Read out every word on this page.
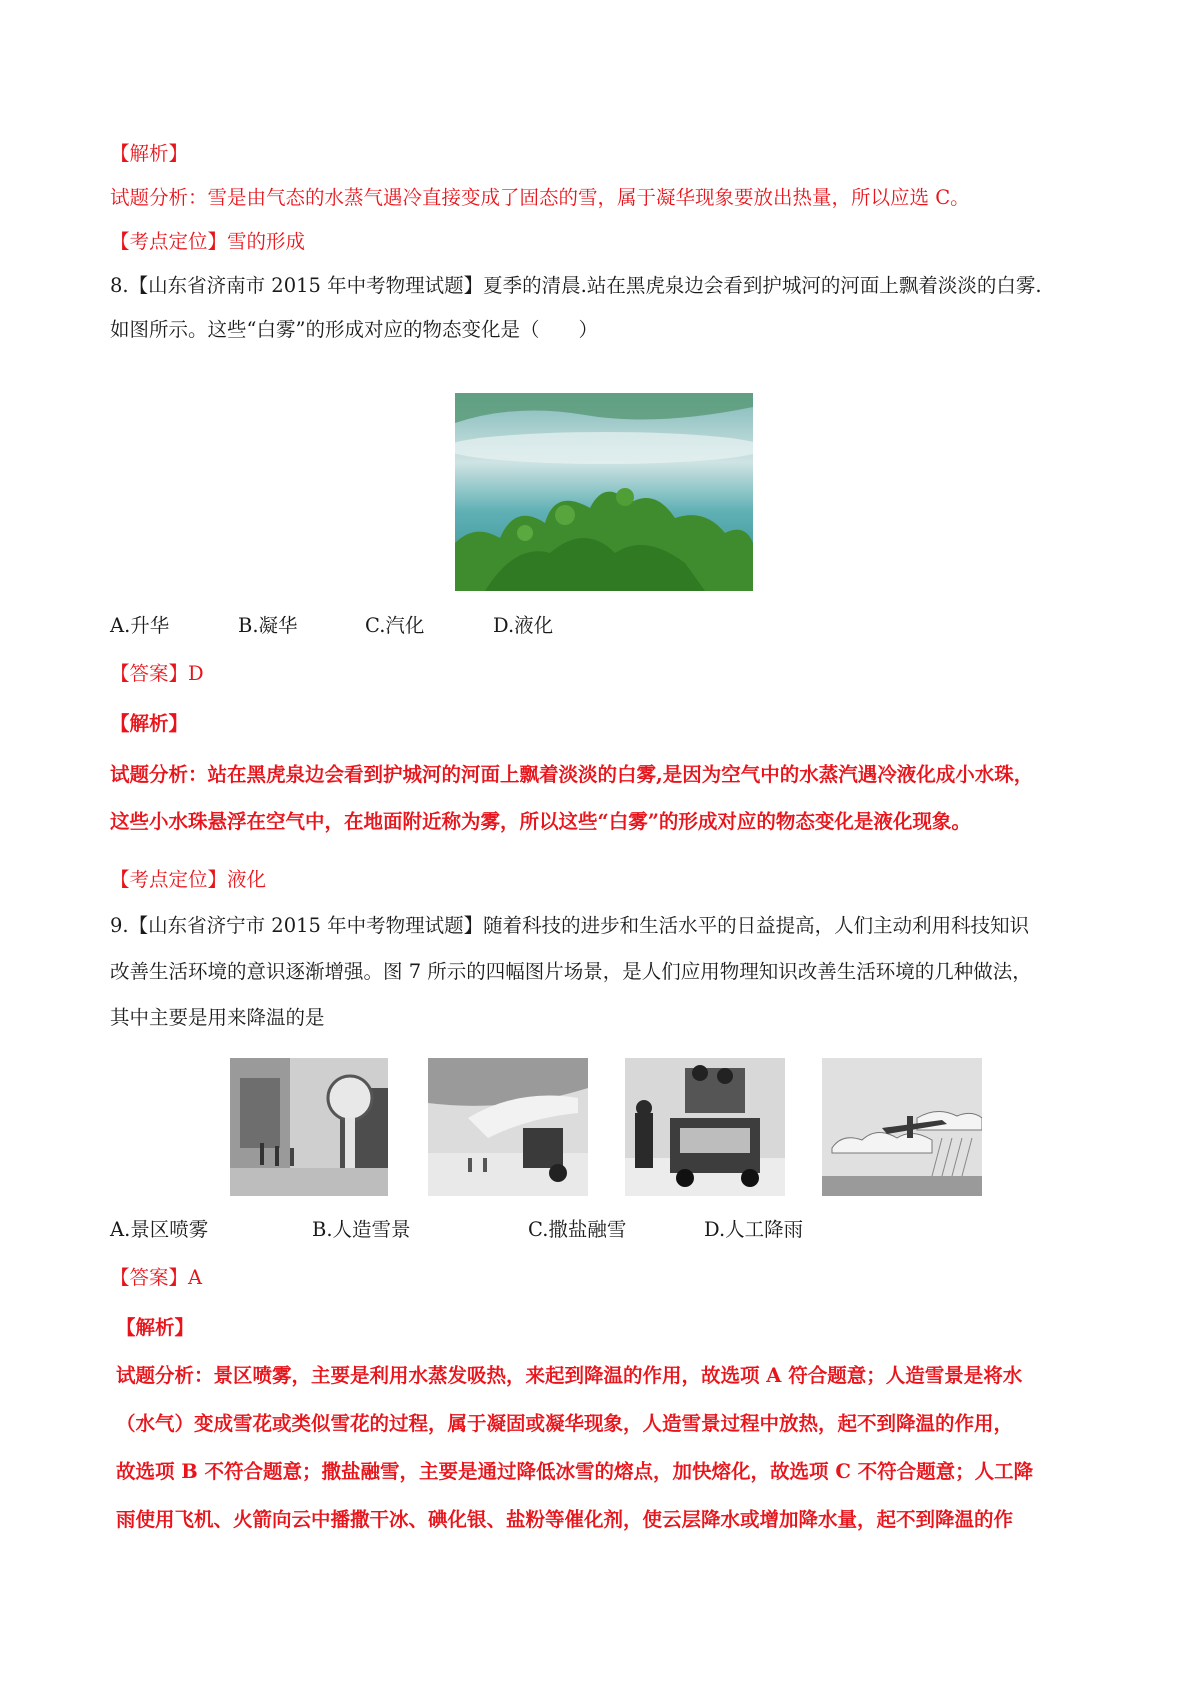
【解析】
试题分析：雪是由气态的水蒸气遇冷直接变成了固态的雪，属于凝华现象要放出热量，所以应选 C。
【考点定位】雪的形成
8.【山东省济南市 2015 年中考物理试题】夏季的清晨.站在黑虎泉边会看到护城河的河面上飘着淡淡的白雾.
如图所示。这些“白雾”的形成对应的物态变化是（　　）
A.升华	B.凝华	C.汽化	D.液化
【答案】D
【解析】
试题分析：站在黑虎泉边会看到护城河的河面上飘着淡淡的白雾,是因为空气中的水蒸汽遇冷液化成小水珠，
这些小水珠悬浮在空气中，在地面附近称为雾，所以这些“白雾”的形成对应的物态变化是液化现象。
【考点定位】液化
9.【山东省济宁市 2015 年中考物理试题】随着科技的进步和生活水平的日益提高，人们主动利用科技知识
改善生活环境的意识逐渐增强。图 7 所示的四幅图片场景，是人们应用物理知识改善生活环境的几种做法，
其中主要是用来降温的是
A.景区喷雾	B.人造雪景	C.撒盐融雪	D.人工降雨
【答案】A
【解析】
试题分析：景区喷雾，主要是利用水蒸发吸热，来起到降温的作用，故选项 A 符合题意；人造雪景是将水
（水气）变成雪花或类似雪花的过程，属于凝固或凝华现象，人造雪景过程中放热，起不到降温的作用，
故选项 B 不符合题意；撒盐融雪，主要是通过降低冰雪的熔点，加快熔化，故选项 C 不符合题意；人工降
雨使用飞机、火箭向云中播撒干冰、碘化银、盐粉等催化剂，使云层降水或增加降水量，起不到降温的作
